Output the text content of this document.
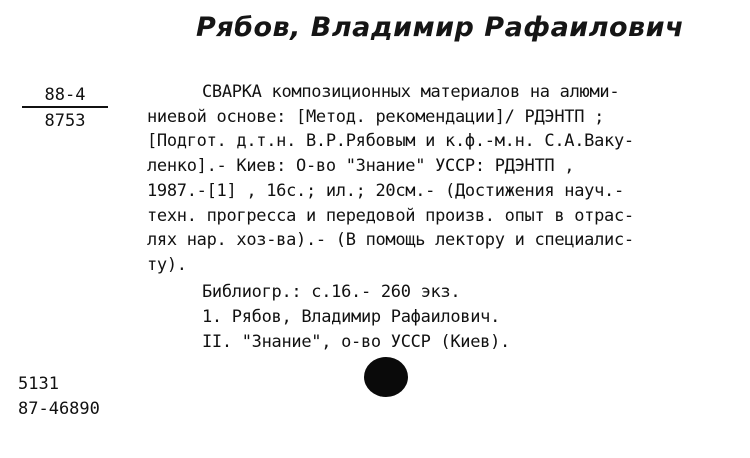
Рябов, Владимир Рафаилович
88-4
8753
СВАРКА композиционных материалов на алюми-
ниевой основе: [Метод. рекомендации]/ РДЭНТП ;
[Подгот. д.т.н. В.Р.Рябовым и к.ф.-м.н. С.А.Ваку-
ленко].- Киев: О-во "Знание" УССР: РДЭНТП ,
1987.-[1] , 16с.; ил.; 20см.- (Достижения науч.-
техн. прогресса и передовой произв. опыт в отрас-
лях нар. хоз-ва).- (В помощь лектору и специалис-
ту).
Библиогр.: с.16.- 260 экз.
1. Рябов, Владимир Рафаилович.
II. "Знание", о-во УССР (Киев).
5131
87-46890
